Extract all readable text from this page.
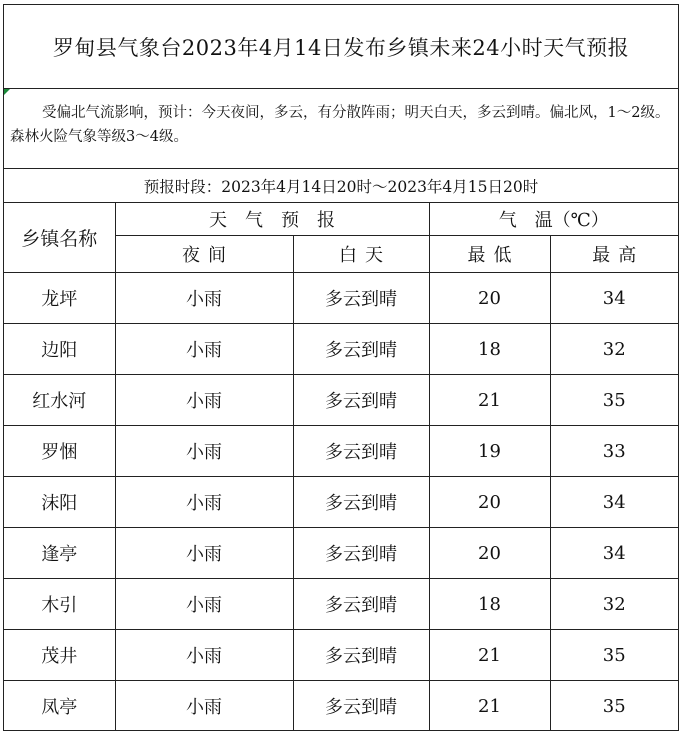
罗甸县气象台2023年4月14日发布乡镇未来24小时天气预报
受偏北气流影响，预计：今天夜间，多云，有分散阵雨；明天白天，多云到晴。偏北风，1～2级。森林火险气象等级3～4级。
预报时段：2023年4月14日20时～2023年4月15日20时
乡镇名称	天　气　预　报		气　温（℃）	
	夜间	白天	最低	最高
龙坪	小雨	多云到晴	20	34
边阳	小雨	多云到晴	18	32
红水河	小雨	多云到晴	21	35
罗悃	小雨	多云到晴	19	33
沫阳	小雨	多云到晴	20	34
逢亭	小雨	多云到晴	20	34
木引	小雨	多云到晴	18	32
茂井	小雨	多云到晴	21	35
凤亭	小雨	多云到晴	21	35
